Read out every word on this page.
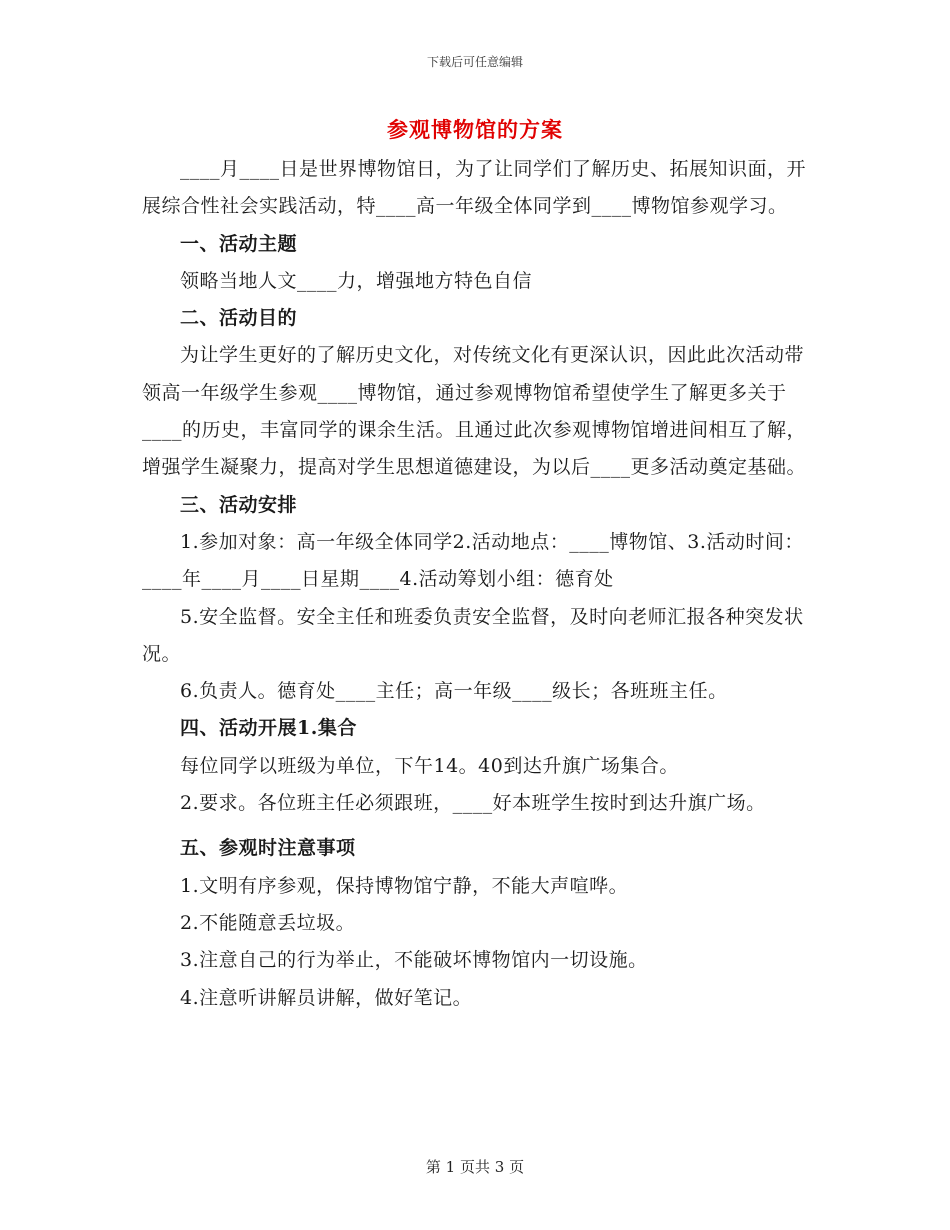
下载后可任意编辑
参观博物馆的方案

____月____日是世界博物馆日，为了让同学们了解历史、拓展知识面，开展综合性社会实践活动，特____高一年级全体同学到____博物馆参观学习。

一、活动主题

领略当地人文____力，增强地方特色自信

二、活动目的

为让学生更好的了解历史文化，对传统文化有更深认识，因此此次活动带领高一年级学生参观____博物馆，通过参观博物馆希望使学生了解更多关于____的历史，丰富同学的课余生活。且通过此次参观博物馆增进间相互了解，增强学生凝聚力，提高对学生思想道德建设，为以后____更多活动奠定基础。

三、活动安排

1.参加对象：高一年级全体同学2.活动地点：____博物馆、3.活动时间：____年____月____日星期____4.活动筹划小组：德育处

5.安全监督。安全主任和班委负责安全监督，及时向老师汇报各种突发状况。

6.负责人。德育处____主任；高一年级____级长；各班班主任。

四、活动开展1.集合

每位同学以班级为单位，下午14。40到达升旗广场集合。

2.要求。各位班主任必须跟班，____好本班学生按时到达升旗广场。

五、参观时注意事项

1.文明有序参观，保持博物馆宁静，不能大声喧哗。

2.不能随意丢垃圾。

3.注意自己的行为举止，不能破坏博物馆内一切设施。

4.注意听讲解员讲解，做好笔记。

第 1 页共 3 页
